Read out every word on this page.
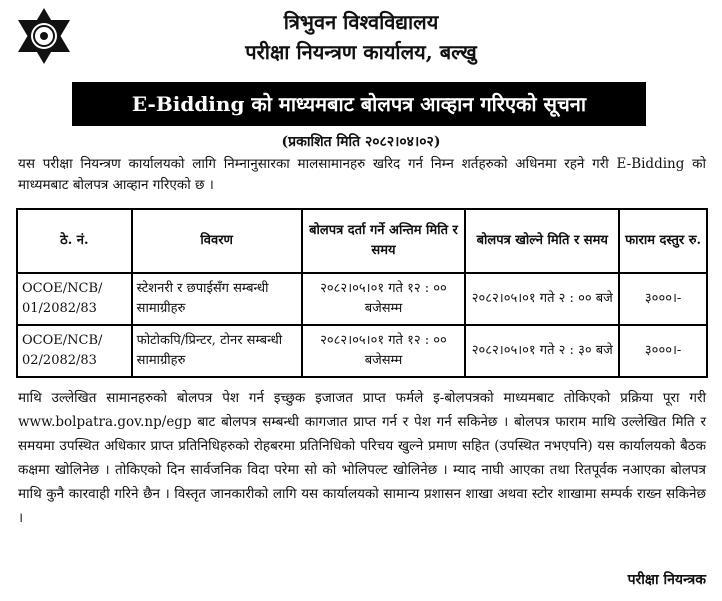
त्रिभुवन विश्वविद्यालय
परीक्षा नियन्त्रण कार्यालय, बल्खु
E-Bidding को माध्यमबाट बोलपत्र आव्हान गरिएको सूचना
(प्रकाशित मिति २०८२।०४।०२)
यस परीक्षा नियन्त्रण कार्यालयको लागि निम्नानुसारका मालसामानहरु खरिद गर्न निम्न शर्तहरुको अधिनमा रहने गरी E-Bidding को माध्यमबाट बोलपत्र आव्हान गरिएको छ ।
ठे. नं.	विवरण	बोलपत्र दर्ता गर्ने अन्तिम मिति र समय	बोलपत्र खोल्ने मिति र समय	फाराम दस्तुर रु.
OCOE/NCB/ 01/2082/83	स्टेशनरी र छपाईसँग सम्बन्धी सामाग्रीहरु	२०८२।०५।०१ गते १२ : ०० बजेसम्म	२०८२।०५।०१ गते २ : ०० बजे	३०००।-
OCOE/NCB/ 02/2082/83	फोटोकपि/प्रिन्टर, टोनर सम्बन्धी सामाग्रीहरु	२०८२।०५।०१ गते १२ : ०० बजेसम्म	२०८२।०५।०१ गते २ : ३० बजे	३०००।-
माथि उल्लेखित सामानहरुको बोलपत्र पेश गर्न इच्छुक इजाजत प्राप्त फर्मले इ-बोलपत्रको माध्यमबाट तोकिएको प्रक्रिया पूरा गरी www.bolpatra.gov.np/egp बाट बोलपत्र सम्बन्धी कागजात प्राप्त गर्न र पेश गर्न सकिनेछ । बोलपत्र फाराम माथि उल्लेखित मिति र समयमा उपस्थित अधिकार प्राप्त प्रतिनिधिहरुको रोहबरमा प्रतिनिधिको परिचय खुल्ने प्रमाण सहित (उपस्थित नभएपनि) यस कार्यालयको बैठक कक्षमा खोलिनेछ । तोकिएको दिन सार्वजनिक विदा परेमा सो को भोलिपल्ट खोलिनेछ । म्याद नाघी आएका तथा रितपूर्वक नआएका बोलपत्र माथि कुनै कारवाही गरिने छैन । विस्तृत जानकारीको लागि यस कार्यालयको सामान्य प्रशासन शाखा अथवा स्टोर शाखामा सम्पर्क राख्न सकिनेछ ।
परीक्षा नियन्त्रक
